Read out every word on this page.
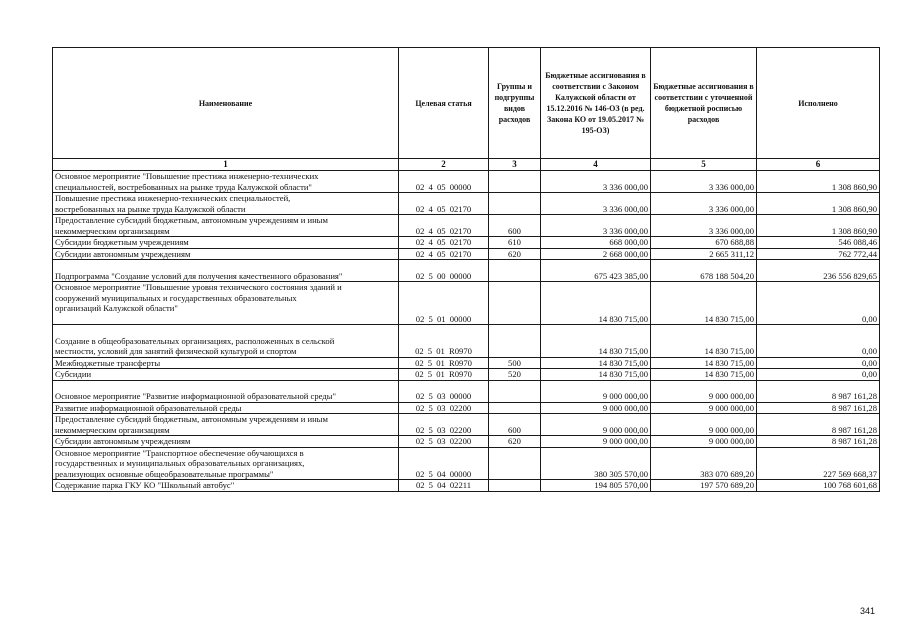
Наименование	Целевая статья	Группы и подгруппы видов расходов	Бюджетные ассигнования в соответствии с Законом Калужской области от 15.12.2016 № 146-ОЗ (в ред. Закона КО от 19.05.2017 № 195-ОЗ)	Бюджетные ассигнования в соответствии с уточненной бюджетной росписью расходов	Исполнено
1	2	3	4	5	6

Основное мероприятие "Повышение престижа инженерно-технических
специальностей, востребованных на рынке труда Калужской области"	02 4 05 00000		3 336 000,00	3 336 000,00	1 308 860,90

Повышение престижа инженерно-технических специальностей,
востребованных на рынке труда Калужской области	02 4 05 02170		3 336 000,00	3 336 000,00	1 308 860,90

Предоставление субсидий бюджетным, автономным учреждениям и иным
некоммерческим организациям	02 4 05 02170	600	3 336 000,00	3 336 000,00	1 308 860,90

Субсидии бюджетным учреждениям	02 4 05 02170	610	668 000,00	670 688,88	546 088,46

Субсидии автономным учреждениям	02 4 05 02170	620	2 668 000,00	2 665 311,12	762 772,44

Подпрограмма "Создание условий для получения качественного образования"	02 5 00 00000		675 423 385,00	678 188 504,20	236 556 829,65

Основное мероприятие "Повышение уровня технического состояния зданий и
сооружений муниципальных и государственных образовательных
организаций Калужской области"	02 5 01 00000		14 830 715,00	14 830 715,00	0,00

Создание в общеобразовательных организациях, расположенных в сельской
местности, условий для занятий физической культурой и спортом	02 5 01 R0970		14 830 715,00	14 830 715,00	0,00

Межбюджетные трансферты	02 5 01 R0970	500	14 830 715,00	14 830 715,00	0,00

Субсидии	02 5 01 R0970	520	14 830 715,00	14 830 715,00	0,00

Основное мероприятие "Развитие информационной образовательной среды"	02 5 03 00000		9 000 000,00	9 000 000,00	8 987 161,28

Развитие информационной образовательной среды	02 5 03 02200		9 000 000,00	9 000 000,00	8 987 161,28

Предоставление субсидий бюджетным, автономным учреждениям и иным
некоммерческим организациям	02 5 03 02200	600	9 000 000,00	9 000 000,00	8 987 161,28

Субсидии автономным учреждениям	02 5 03 02200	620	9 000 000,00	9 000 000,00	8 987 161,28

Основное мероприятие "Транспортное обеспечение обучающихся в
государственных и муниципальных образовательных организациях,
реализующих основные общеобразовательные программы"	02 5 04 00000		380 305 570,00	383 070 689,20	227 569 668,37

Содержание парка ГКУ КО "Школьный автобус"	02 5 04 02211		194 805 570,00	197 570 689,20	100 768 601,68
341
